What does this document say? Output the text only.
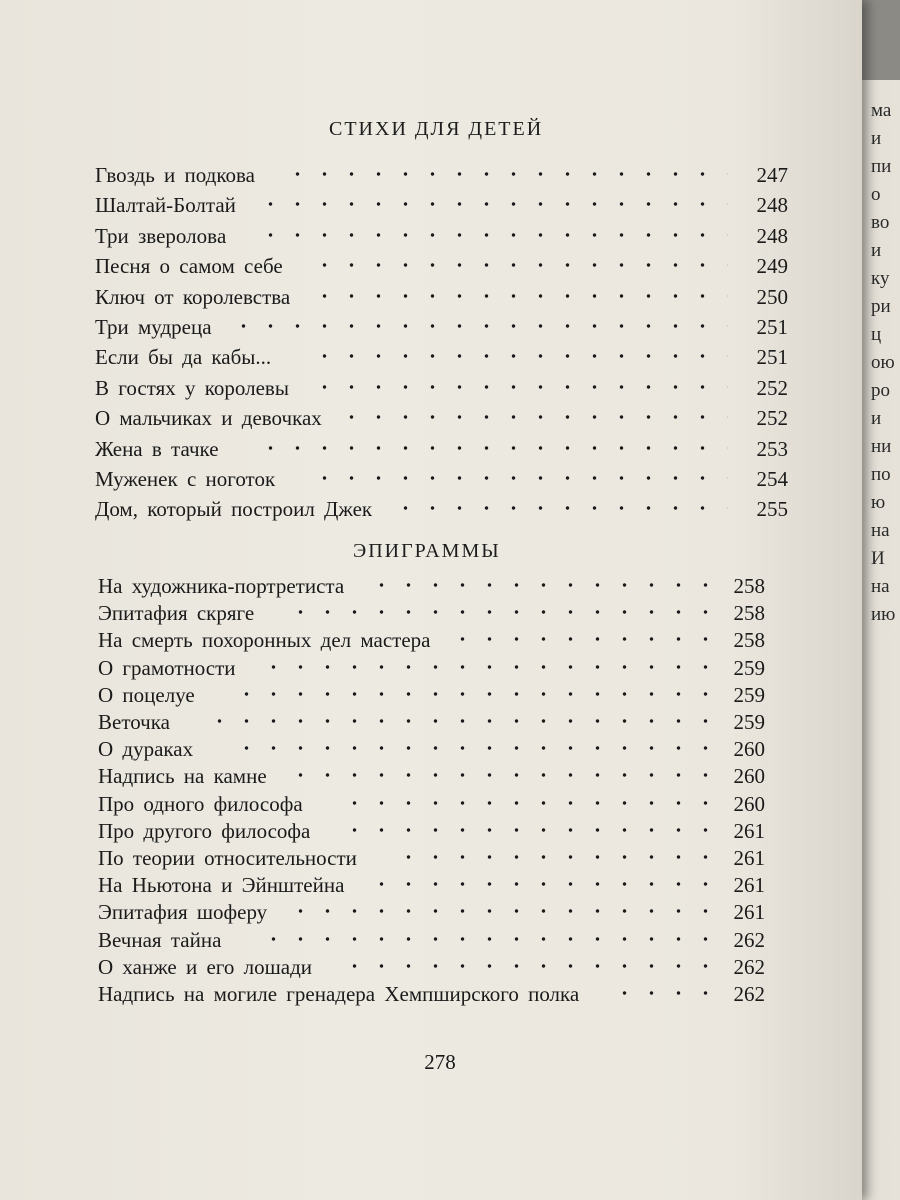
ма
и
пи
о
во
и
ку
ри
ц
ою
ро
и
ни
по
ю
на
И
на
ию
СТИХИ ДЛЯ ДЕТЕЙ
Гвоздь и подкова	247
Шалтай-Болтай	248
Три звероловa	248
Песня о самом себе	249
Ключ от королевства	250
Три мудреца	251
Если бы да кабы...	251
В гостях у королевы	252
О мальчиках и девочках	252
Жена в тачке	253
Муженек с ноготок	254
Дом, который построил Джек	255
ЭПИГРАММЫ
На художника-портретиста	258
Эпитафия скряге	258
На смерть похоронных дел мастера	258
О грамотности	259
О поцелуе	259
Веточка	259
О дураках	260
Надпись на камне	260
Про одного философа	260
Про другого философа	261
По теории относительности	261
На Ньютона и Эйнштейна	261
Эпитафия шоферу	261
Вечная тайна	262
О ханже и его лошади	262
Надпись на могиле гренадера Хемпширского полка	262
278
